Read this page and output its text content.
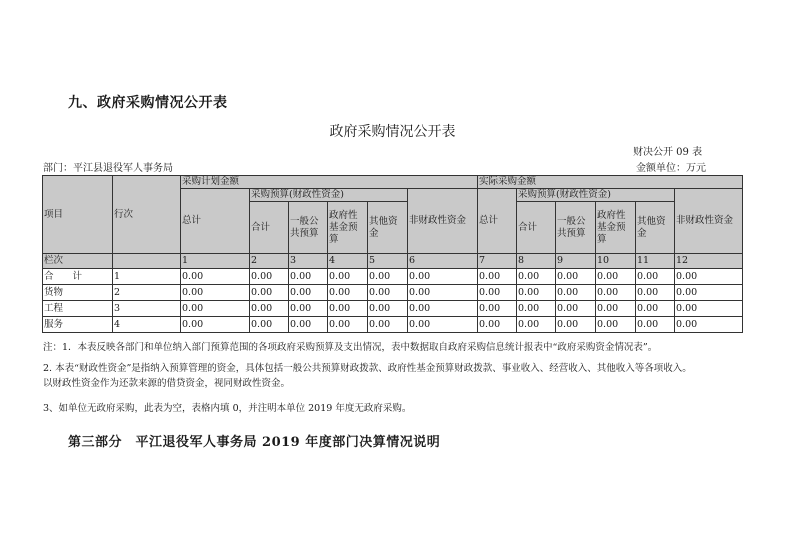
九、政府采购情况公开表
政府采购情况公开表
财决公开 09 表
部门：平江县退役军人事务局	金额单位：万元
项目	行次	采购计划金额						实际采购金额					
		总计	采购预算(财政性资金)				非财政性资金	总计	采购预算(财政性资金)				非财政性资金
			合计	一般公共预算	政府性基金预算	其他资金			合计	一般公共预算	政府性基金预算	其他资金	
栏次		1	2	3	4	5	6	7	8	9	10	11	12
合　　计	1	0.00	0.00	0.00	0.00	0.00	0.00	0.00	0.00	0.00	0.00	0.00	0.00
货物	2	0.00	0.00	0.00	0.00	0.00	0.00	0.00	0.00	0.00	0.00	0.00	0.00
工程	3	0.00	0.00	0.00	0.00	0.00	0.00	0.00	0.00	0.00	0.00	0.00	0.00
服务	4	0.00	0.00	0.00	0.00	0.00	0.00	0.00	0.00	0.00	0.00	0.00	0.00
注：1．本表反映各部门和单位纳入部门预算范围的各项政府采购预算及支出情况，表中数据取自政府采购信息统计报表中“政府采购资金情况表”。
2. 本表“财政性资金”是指纳入预算管理的资金，具体包括一般公共预算财政拨款、政府性基金预算财政拨款、事业收入、经营收入、其他收入等各项收入。
以财政性资金作为还款来源的借贷资金，视同财政性资金。
3、如单位无政府采购，此表为空，表格内填 0，并注明本单位 2019 年度无政府采购。
第三部分　平江退役军人事务局 2019 年度部门决算情况说明
